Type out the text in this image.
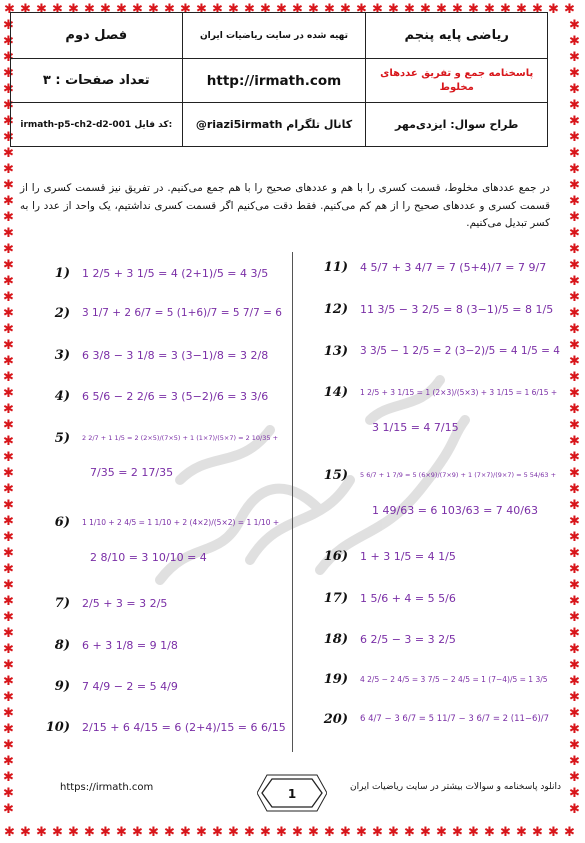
✱
✱
✱
✱
✱
✱
✱
✱
✱
✱
✱
✱
✱
✱
✱
✱
✱
✱
✱
✱
✱
✱
✱
✱
✱
✱
✱
✱
✱
✱
✱
✱
✱
✱
✱
✱
✱
✱
✱
✱
✱
✱
✱
✱
✱
✱
✱
✱
✱
✱
✱
✱
✱
✱
✱
✱
✱
✱
✱
✱
✱
✱
✱
✱
✱
✱
✱
✱
✱
✱
✱
✱
✱	✱
✱	✱
✱	✱
✱	✱
✱	✱
✱	✱
✱	✱
✱	✱
✱	✱
✱	✱
✱	✱
✱	✱
✱	✱
✱	✱
✱	✱
✱	✱
✱	✱
✱	✱
✱	✱
✱	✱
✱	✱
✱	✱
✱	✱
✱	✱
✱	✱
✱	✱
✱	✱
✱	✱
✱	✱
✱	✱
✱	✱
✱	✱
✱	✱
✱	✱
✱	✱
✱	✱
✱	✱
✱	✱
✱	✱
✱	✱
✱	✱
✱	✱
✱	✱
✱	✱
✱	✱
✱	✱
✱	✱
✱	✱
✱	✱
✱	✱
فصل دوم	تهیه شده در سایت ریاضیات ایران	ریاضی پایه پنجم
تعداد صفحات : ۳	http://irmath.com	پاسخنامه جمع و تفریق عددهای مخلوط
irmath-p5-ch2-d2-001 کد فایل:	@riazi5irmath کانال تلگرام	طراح سوال: ایزدی‌مهر
در جمع عددهای مخلوط، قسمت کسری را با هم و عددهای صحیح را با هم جمع می‌کنیم. در تفریق نیز قسمت کسری را از قسمت کسری و عددهای صحیح را از هم کم می‌کنیم. فقط دقت می‌کنیم اگر قسمت کسری نداشتیم، یک واحد از عدد را به کسر تبدیل می‌کنیم.
1) 1 2/5 + 3 1/5 = 4 (2+1)/5 = 4 3/5
2) 3 1/7 + 2 6/7 = 5 (1+6)/7 = 5 7/7 = 6
3) 6 3/8 − 3 1/8 = 3 (3−1)/8 = 3 2/8
4) 6 5/6 − 2 2/6 = 3 (5−2)/6 = 3 3/6
5) 2 2/7 + 1 1/5 = 2 (2×5)/(7×5) + 1 (1×7)/(5×7) = 2 10/35 +
7/35 = 2 17/35
6) 1 1/10 + 2 4/5 = 1 1/10 + 2 (4×2)/(5×2) = 1 1/10 +
2 8/10 = 3 10/10 = 4
7) 2/5 + 3 = 3 2/5
8) 6 + 3 1/8 = 9 1/8
9) 7 4/9 − 2 = 5 4/9
10) 2/15 + 6 4/15 = 6 (2+4)/15 = 6 6/15
11) 4 5/7 + 3 4/7 = 7 (5+4)/7 = 7 9/7
12) 11 3/5 − 3 2/5 = 8 (3−1)/5 = 8 1/5
13) 3 3/5 − 1 2/5 = 2 (3−2)/5 = 4 1/5 = 4
14) 1 2/5 + 3 1/15 = 1 (2×3)/(5×3) + 3 1/15 = 1 6/15 +
3 1/15 = 4 7/15
15) 5 6/7 + 1 7/9 = 5 (6×9)/(7×9) + 1 (7×7)/(9×7) = 5 54/63 +
1 49/63 = 6 103/63 = 7 40/63
16) 1 + 3 1/5 = 4 1/5
17) 1 5/6 + 4 = 5 5/6
18) 6 2/5 − 3 = 3 2/5
19) 4 2/5 − 2 4/5 = 3 7/5 − 2 4/5 = 1 (7−4)/5 = 1 3/5
20) 6 4/7 − 3 6/7 = 5 11/7 − 3 6/7 = 2 (11−6)/7
https://irmath.com	1	دانلود پاسخنامه و سوالات بیشتر در سایت ریاضیات ایران
